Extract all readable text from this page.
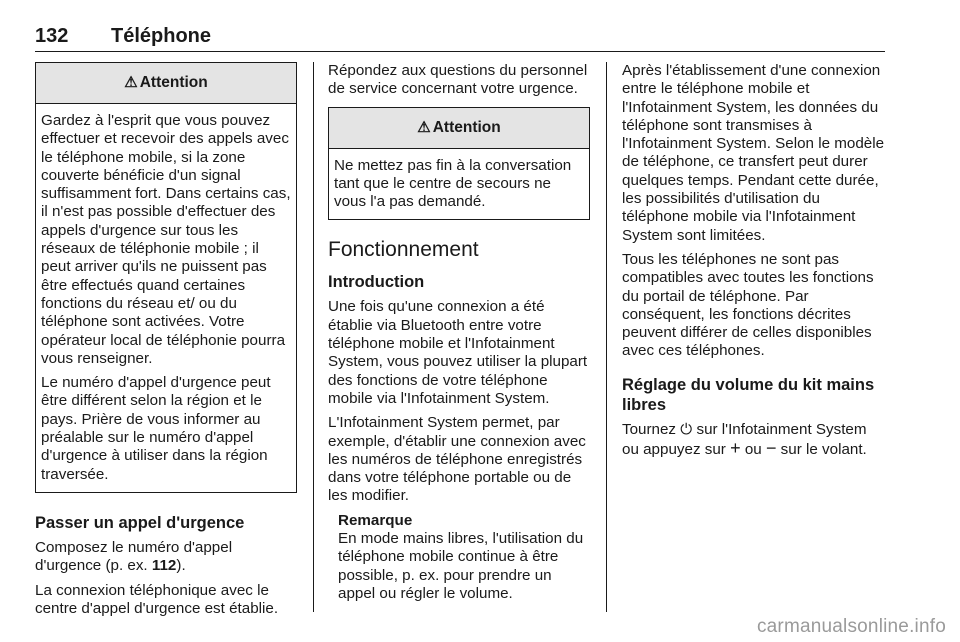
132	Téléphone
⚠ Attention

Gardez à l'esprit que vous pouvez effectuer et recevoir des appels avec le téléphone mobile, si la zone couverte bénéficie d'un signal suffisamment fort. Dans certains cas, il n'est pas possible d'effectuer des appels d'urgence sur tous les réseaux de téléphonie mobile ; il peut arriver qu'ils ne puissent pas être effectués quand certaines fonctions du réseau et/ ou du téléphone sont activées. Votre opérateur local de téléphonie pourra vous renseigner.

Le numéro d'appel d'urgence peut être différent selon la région et le pays. Prière de vous informer au préalable sur le numéro d'appel d'urgence à utiliser dans la région traversée.

Passer un appel d'urgence

Composez le numéro d'appel d'urgence (p. ex. 112).

La connexion téléphonique avec le centre d'appel d'urgence est établie.

Répondez aux questions du personnel de service concernant votre urgence.

⚠ Attention

Ne mettez pas fin à la conversation tant que le centre de secours ne vous l'a pas demandé.

Fonctionnement
Introduction

Une fois qu'une connexion a été établie via Bluetooth entre votre téléphone mobile et l'Infotainment System, vous pouvez utiliser la plupart des fonctions de votre téléphone mobile via l'Infotainment System.

L'Infotainment System permet, par exemple, d'établir une connexion avec les numéros de téléphone enregistrés dans votre téléphone portable ou de les modifier.

Remarque
En mode mains libres, l'utilisation du téléphone mobile continue à être possible, p. ex. pour prendre un appel ou régler le volume.

Après l'établissement d'une connexion entre le téléphone mobile et l'Infotainment System, les données du téléphone sont transmises à l'Infotainment System. Selon le modèle de téléphone, ce transfert peut durer quelques temps. Pendant cette durée, les possibilités d'utilisation du téléphone mobile via l'Infotainment System sont limitées.

Tous les téléphones ne sont pas compatibles avec toutes les fonctions du portail de téléphone. Par conséquent, les fonctions décrites peuvent différer de celles disponibles avec ces téléphones.

Réglage du volume du kit mains libres

Tournez ⏻ sur l'Infotainment System ou appuyez sur + ou − sur le volant.

carmanualsonline.info
